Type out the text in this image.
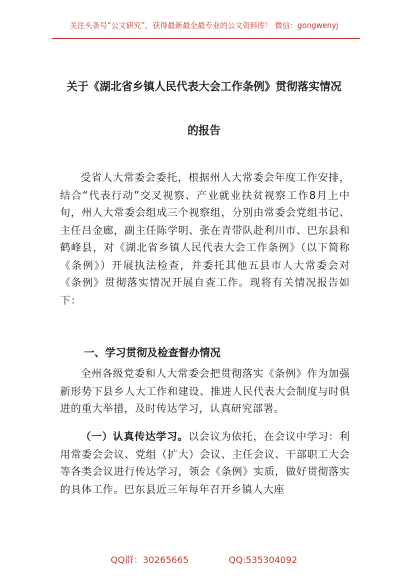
关注头条号“公文研究”，获得最新最全最专业的公文资料库！ 微信：gongwenyj
关于《湖北省乡镇人民代表大会工作条例》贯彻落实情况
的报告

受省人大常委会委托，根据州人大常委会年度工作安排，结合“代表行动”交叉视察、产业就业扶贫视察工作8月上中旬，州人大常委会组成三个视察组，分别由常委会党组书记、主任吕金廊，副主任陈学明、张在青带队赴利川市、巴东县和鹤峰县，对《湖北省乡镇人民代表大会工作条例》（以下简称《条例》）开展执法检查，并委托其他五县市人大常委会对《条例》贯彻落实情况开展自查工作。现将有关情况报告如下：

一、学习贯彻及检查督办情况

全州各级党委和人大常委会把贯彻落实《条例》作为加强新形势下县乡人大工作和建设、推进人民代表大会制度与时俱进的重大举措，及时传达学习，认真研究部署。

（一）认真传达学习。以会议为依托，在会议中学习：利用常委会会议、党组（扩大）会议、主任会议、干部职工大会等各类会议进行传达学习，领会《条例》实质，做好贯彻落实的具体工作。巴东县近三年每年召开乡镇人大座

QQ群：30265665	QQ:535304092
